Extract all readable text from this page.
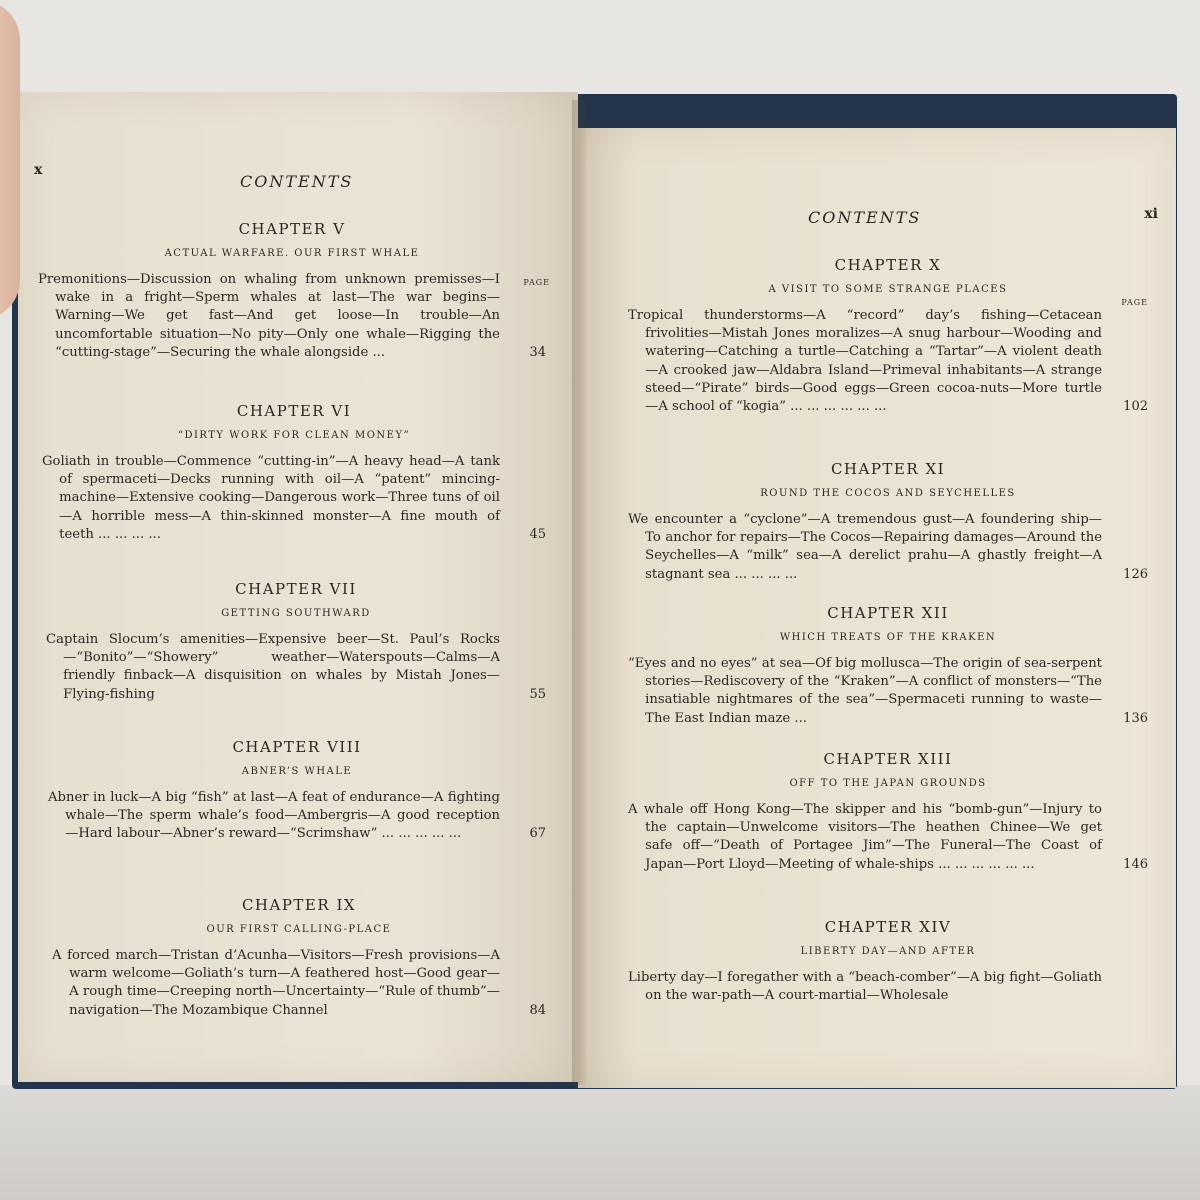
x
CONTENTS
CHAPTER V
ACTUAL WARFARE. OUR FIRST WHALE
PAGE

Premonitions—Discussion on whaling from unknown premisses—I wake in a fright—Sperm whales at last—The war begins—Warning—We get fast—And get loose—In trouble—An uncomfortable situation—No pity—Only one whale—Rigging the “cutting-stage”—Securing the whale alongside ...	34
CHAPTER VI
“DIRTY WORK FOR CLEAN MONEY”

Goliath in trouble—Commence “cutting-in”—A heavy head—A tank of spermaceti—Decks running with oil—A “patent” mincing-machine—Extensive cooking—Dangerous work—Three tuns of oil—A horrible mess—A thin-skinned monster—A fine mouth of teeth ... ... ... ...	45
CHAPTER VII
GETTING SOUTHWARD

Captain Slocum’s amenities—Expensive beer—St. Paul’s Rocks—“Bonito”—“Showery” weather—Waterspouts—Calms—A friendly finback—A disquisition on whales by Mistah Jones—Flying-fishing	55
CHAPTER VIII
ABNER’S WHALE

Abner in luck—A big “fish” at last—A feat of endurance—A fighting whale—The sperm whale’s food—Ambergris—A good reception—Hard labour—Abner’s reward—“Scrimshaw” ... ... ... ... ...	67
CHAPTER IX
OUR FIRST CALLING-PLACE

A forced march—Tristan d’Acunha—Visitors—Fresh provisions—A warm welcome—Goliath’s turn—A feathered host—Good gear—A rough time—Creeping north—Uncertainty—“Rule of thumb”—navigation—The Mozambique Channel	84
CONTENTS	xi
CHAPTER X
A VISIT TO SOME STRANGE PLACES
PAGE

Tropical thunderstorms—A “record” day’s fishing—Cetacean frivolities—Mistah Jones moralizes—A snug harbour—Wooding and watering—Catching a turtle—Catching a “Tartar”—A violent death—A crooked jaw—Aldabra Island—Primeval inhabitants—A strange steed—“Pirate” birds—Good eggs—Green cocoa-nuts—More turtle—A school of “kogia” ... ... ... ... ... ...	102
CHAPTER XI
ROUND THE COCOS AND SEYCHELLES

We encounter a “cyclone”—A tremendous gust—A foundering ship—To anchor for repairs—The Cocos—Repairing damages—Around the Seychelles—A “milk” sea—A derelict prahu—A ghastly freight—A stagnant sea ... ... ... ...	126
CHAPTER XII
WHICH TREATS OF THE KRAKEN

“Eyes and no eyes” at sea—Of big mollusca—The origin of sea-serpent stories—Rediscovery of the “Kraken”—A conflict of monsters—“The insatiable nightmares of the sea”—Spermaceti running to waste—The East Indian maze ...	136
CHAPTER XIII
OFF TO THE JAPAN GROUNDS

A whale off Hong Kong—The skipper and his “bomb-gun”—Injury to the captain—Unwelcome visitors—The heathen Chinee—We get safe off—“Death of Portagee Jim”—The Funeral—The Coast of Japan—Port Lloyd—Meeting of whale-ships ... ... ... ... ... ...	146
CHAPTER XIV
LIBERTY DAY—AND AFTER

Liberty day—I foregather with a “beach-comber”—A big fight—Goliath on the war-path—A court-martial—Wholesale
